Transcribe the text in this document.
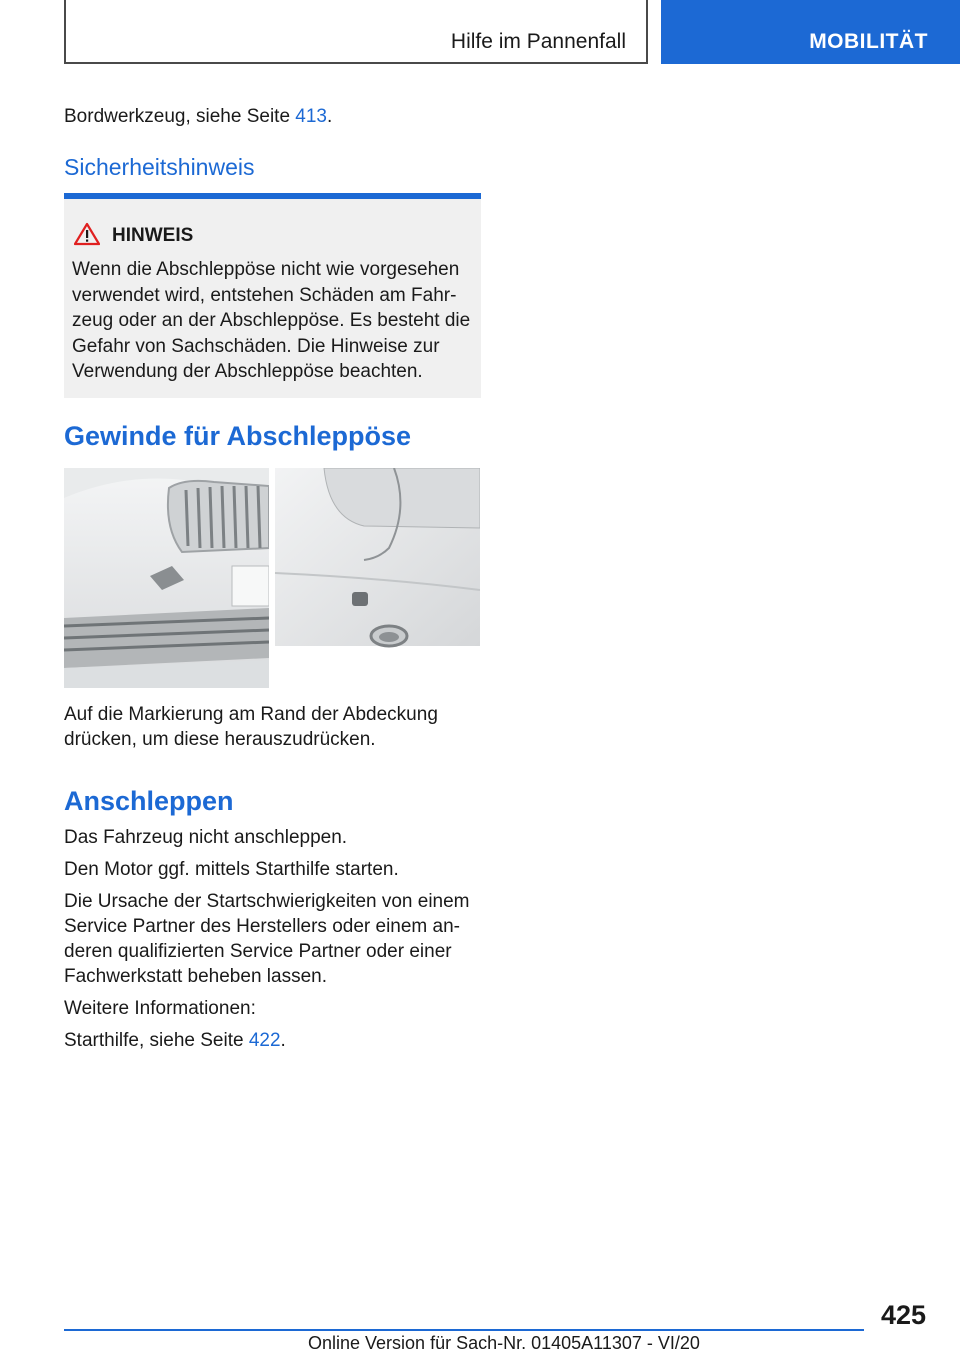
Hilfe im Pannenfall	MOBILITÄT

Bordwerkzeug, siehe Seite 413.

Sicherheitshinweis
HINWEIS
Wenn die Abschleppöse nicht wie vorgesehen
verwendet wird, entstehen Schäden am Fahr-
zeug oder an der Abschleppöse. Es besteht die
Gefahr von Sachschäden. Die Hinweise zur
Verwendung der Abschleppöse beachten.
Gewinde für Abschleppöse
Auf die Markierung am Rand der Abdeckung
drücken, um diese herauszudrücken.
Anschleppen

Das Fahrzeug nicht anschleppen.

Den Motor ggf. mittels Starthilfe starten.

Die Ursache der Startschwierigkeiten von einem
Service Partner des Herstellers oder einem an-
deren qualifizierten Service Partner oder einer
Fachwerkstatt beheben lassen.

Weitere Informationen:

Starthilfe, siehe Seite 422.

425
Online Version für Sach-Nr. 01405A11307 - VI/20
